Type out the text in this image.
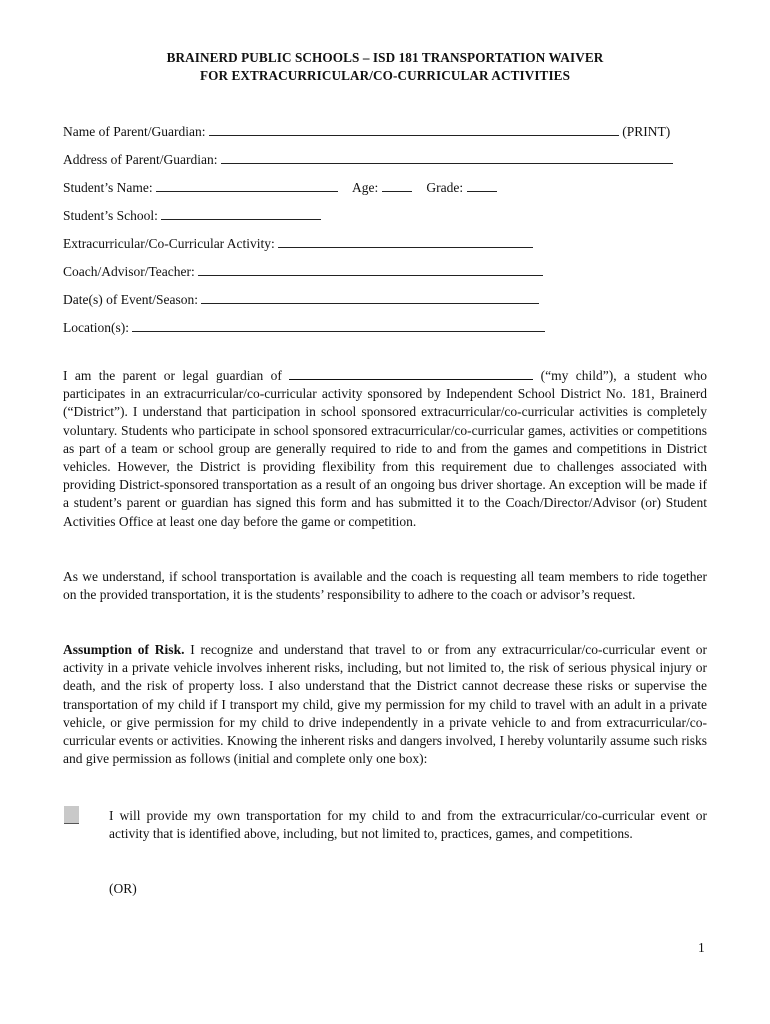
BRAINERD PUBLIC SCHOOLS – ISD 181 TRANSPORTATION WAIVER
FOR EXTRACURRICULAR/CO-CURRICULAR ACTIVITIES
Name of Parent/Guardian:	(PRINT)
Address of Parent/Guardian:
Student’s Name:	Age:	Grade:
Student’s School:
Extracurricular/Co-Curricular Activity:
Coach/Advisor/Teacher:
Date(s) of Event/Season:
Location(s):

I am the parent or legal guardian of	(“my child”), a student who participates in an extracurricular/co-curricular activity sponsored by Independent School District No. 181, Brainerd (“District”). I understand that participation in school sponsored extracurricular/co-curricular activities is completely voluntary. Students who participate in school sponsored extracurricular/co-curricular games, activities or competitions as part of a team or school group are generally required to ride to and from the games and competitions in District vehicles. However, the District is providing flexibility from this requirement due to challenges associated with providing District-sponsored transportation as a result of an ongoing bus driver shortage. An exception will be made if a student’s parent or guardian has signed this form and has submitted it to the Coach/Director/Advisor (or) Student Activities Office at least one day before the game or competition.

As we understand, if school transportation is available and the coach is requesting all team members to ride together on the provided transportation, it is the students’ responsibility to adhere to the coach or advisor’s request.

Assumption of Risk. I recognize and understand that travel to or from any extracurricular/co-curricular event or activity in a private vehicle involves inherent risks, including, but not limited to, the risk of serious physical injury or death, and the risk of property loss. I also understand that the District cannot decrease these risks or supervise the transportation of my child if I transport my child, give my permission for my child to travel with an adult in a private vehicle, or give permission for my child to drive independently in a private vehicle to and from extracurricular/co-curricular events or activities. Knowing the inherent risks and dangers involved, I hereby voluntarily assume such risks and give permission as follows (initial and complete only one box):

I will provide my own transportation for my child to and from the extracurricular/co-curricular event or activity that is identified above, including, but not limited to, practices, games, and competitions.

(OR)

1
